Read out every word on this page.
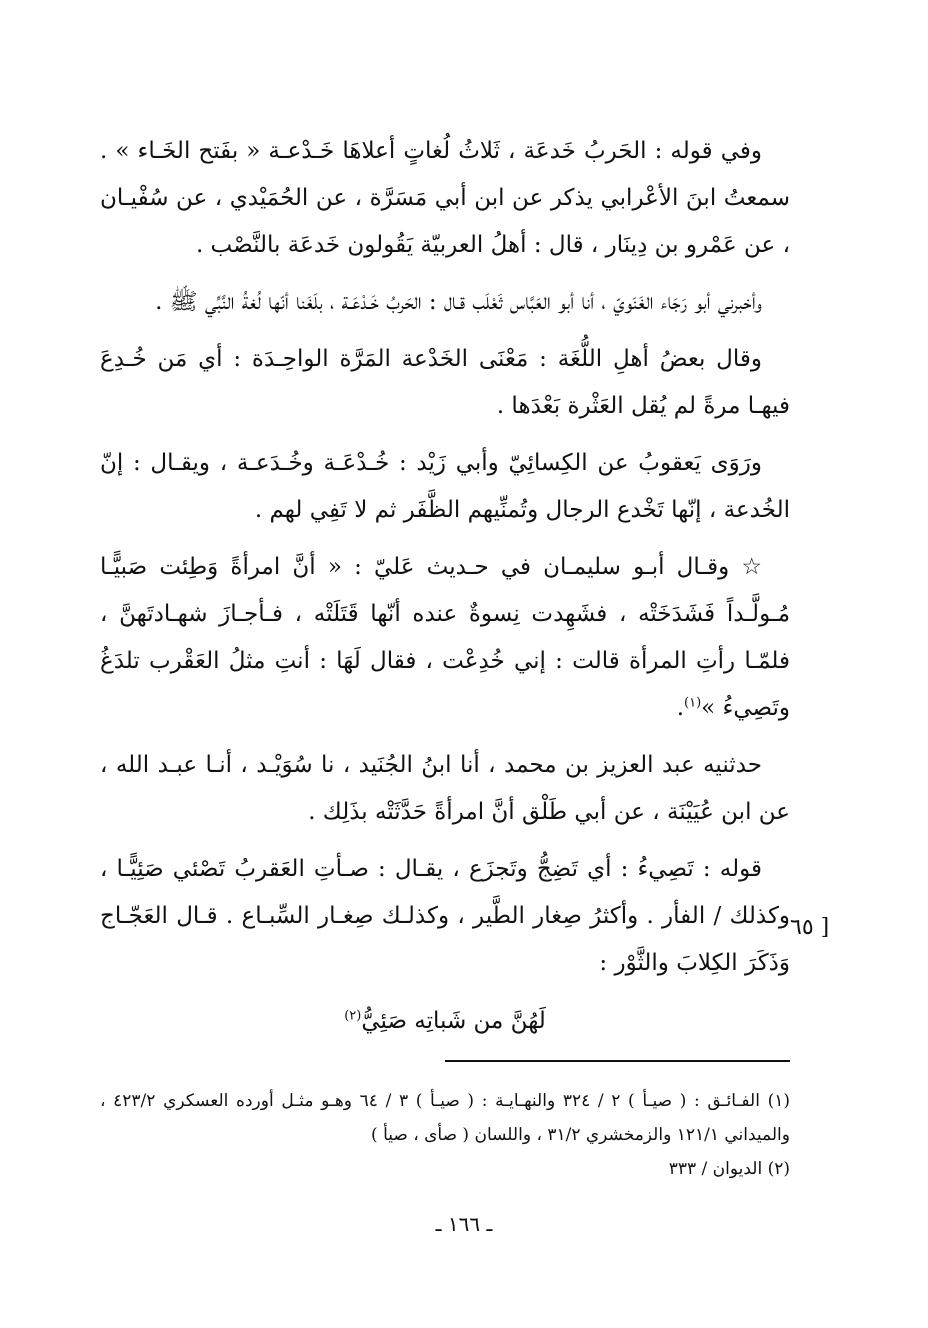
وفي قوله : الحَربُ خَدعَة ، ثَلاثُ لُغاتٍ أعلاهَا خَـدْعـة « بفَتح الخَـاء » . سمعتُ ابنَ الأعْرابي يذكر عن ابن أبي مَسَرَّة ، عن الحُمَيْدي ، عن سُفْيـان ، عن عَمْرو بن دِينَار ، قال : أهلُ العربيّة يَقُولون خَدعَة بالنَّصْب .

وأخبرني أبو رَجَاء الغَنَويّ ، أنا أبو العَبَّاس ثَعْلَب قـال : الحَربُ خَـدْعَـة ، بلَغَنا أنّها لُغةُ النَّبِّي ﷺ .

وقال بعضُ أهلِ اللُّغَة : مَعْنَى الخَدْعة المَرَّة الواحِـدَة : أي مَن خُـدِعَ فيهـا مرةً لم يُقل العَثْرة بَعْدَها .

ورَوَى يَعقوبُ عن الكِسائِيّ وأبي زَيْد : خُـدْعَـة وخُـدَعـة ، ويقـال : إنّ الخُدعة ، إنّها تَخْدع الرجال وتُمنِّيهم الظَّفَر ثم لا تَفِي لهم .

☆ وقـال أبـو سليمـان في حـديث عَليّ : « أنَّ امرأةً وَطِئت صَبيًّـا مُـولَّـداً فَشَدَخَتْه ، فشَهِدت نِسوةٌ عنده أنّها قَتَلَتْه ، فـأجـازَ شهـادتَهنَّ ، فلمّـا رأتِ المرأة قالت : إني خُدِعْت ، فقال لَهَا : أنتِ مثلُ العَقْرب تلدَغُ وتَصِيءُ »$^{(١)}$.

حدثنيه عبد العزيز بن محمد ، أنا ابنُ الجُنَيد ، نا سُوَيْـد ، أنـا عبـد الله ، عن ابن عُيَيْنَة ، عن أبي طَلْق أنَّ امرأةً حَدَّثَتْه بذَلِك .

قوله : تَصِيءُ : أي تَضِجُّ وتَجزَع ، يقـال : صـأتِ العَقربُ تَصْئي صَئِيًّـا ، وكذلك / الفأر . وأكثرُ صِغار الطَّير ، وكذلـك صِغـار السِّبـاع . قـال العَجّـاج وَذَكَرَ الكِلابَ والثَّوْر :

لَهُنَّ من شَباتِه صَئِيُّ$^{(٢)}$

[ ٦٥

(١) الفـائـق : ( صيـأ ) ٢ / ٣٢٤ والنهـايـة : ( صيـأ ) ٣ / ٦٤ وهـو مثـل أورده العسكري ٤٢٣/٢ ، والميداني ١٢١/١ والزمخشري ٣١/٢ ، واللسان ( صأى ، صيأ )

(٢) الديوان / ٣٣٣

ـ ١٦٦ ـ
